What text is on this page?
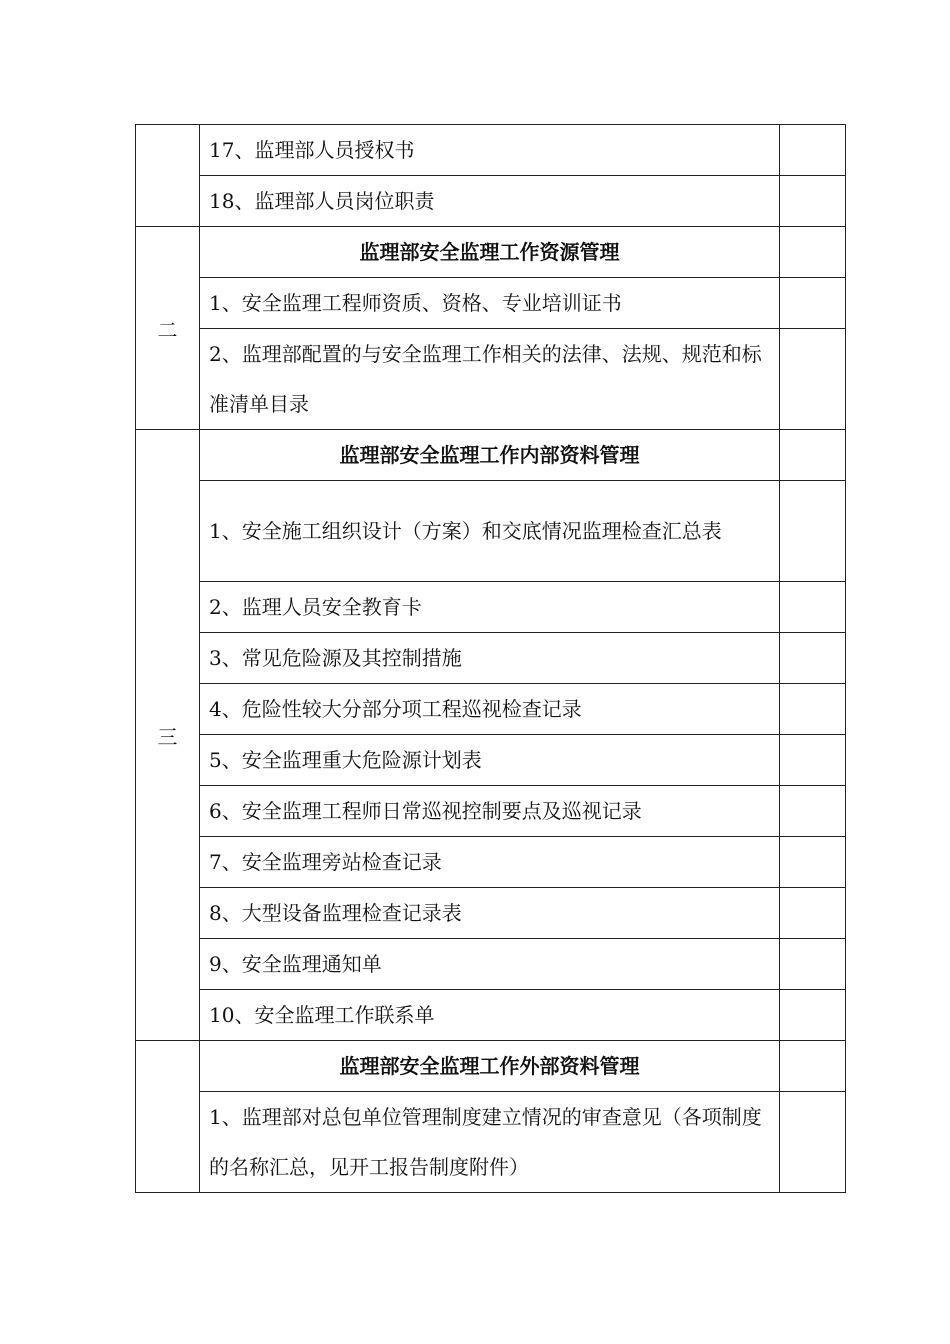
	17、监理部人员授权书	
	18、监理部人员岗位职责	
二	监理部安全监理工作资源管理	
	1、安全监理工程师资质、资格、专业培训证书	
	2、监理部配置的与安全监理工作相关的法律、法规、规范和标准清单目录	
三	监理部安全监理工作内部资料管理	
	1、安全施工组织设计（方案）和交底情况监理检查汇总表	
	2、监理人员安全教育卡	
	3、常见危险源及其控制措施	
	4、危险性较大分部分项工程巡视检查记录	
	5、安全监理重大危险源计划表	
	6、安全监理工程师日常巡视控制要点及巡视记录	
	7、安全监理旁站检查记录	
	8、大型设备监理检查记录表	
	9、安全监理通知单	
	10、安全监理工作联系单	
	监理部安全监理工作外部资料管理	
	1、监理部对总包单位管理制度建立情况的审查意见（各项制度的名称汇总，见开工报告制度附件）	
